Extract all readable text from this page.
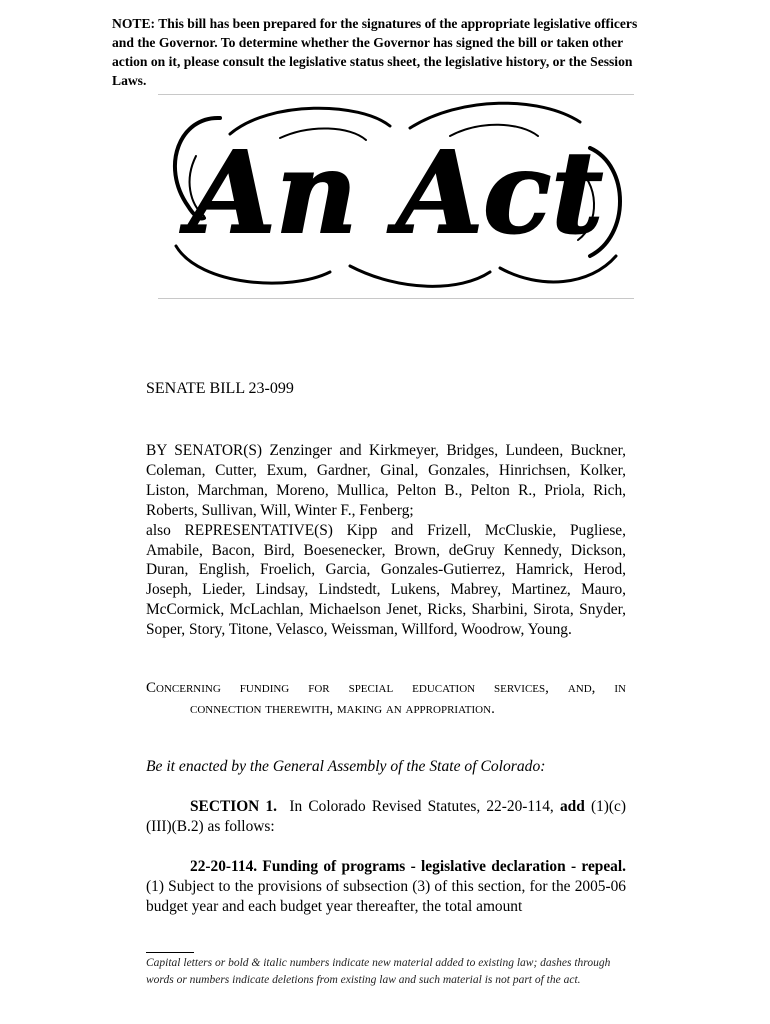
NOTE: This bill has been prepared for the signatures of the appropriate legislative officers and the Governor. To determine whether the Governor has signed the bill or taken other action on it, please consult the legislative status sheet, the legislative history, or the Session Laws.
An Act
SENATE BILL 23-099

BY SENATOR(S) Zenzinger and Kirkmeyer, Bridges, Lundeen, Buckner, Coleman, Cutter, Exum, Gardner, Ginal, Gonzales, Hinrichsen, Kolker, Liston, Marchman, Moreno, Mullica, Pelton B., Pelton R., Priola, Rich, Roberts, Sullivan, Will, Winter F., Fenberg;

also REPRESENTATIVE(S) Kipp and Frizell, McCluskie, Pugliese, Amabile, Bacon, Bird, Boesenecker, Brown, deGruy Kennedy, Dickson, Duran, English, Froelich, Garcia, Gonzales-Gutierrez, Hamrick, Herod, Joseph, Lieder, Lindsay, Lindstedt, Lukens, Mabrey, Martinez, Mauro, McCormick, McLachlan, Michaelson Jenet, Ricks, Sharbini, Sirota, Snyder, Soper, Story, Titone, Velasco, Weissman, Willford, Woodrow, Young.

Concerning funding for special education services, and, in
connection therewith, making an appropriation.
Be it enacted by the General Assembly of the State of Colorado:
SECTION 1. In Colorado Revised Statutes, 22-20-114, add (1)(c)(III)(B.2) as follows:
22-20-114. Funding of programs - legislative declaration - repeal. (1) Subject to the provisions of subsection (3) of this section, for the 2005-06 budget year and each budget year thereafter, the total amount
Capital letters or bold & italic numbers indicate new material added to existing law; dashes through words or numbers indicate deletions from existing law and such material is not part of the act.
